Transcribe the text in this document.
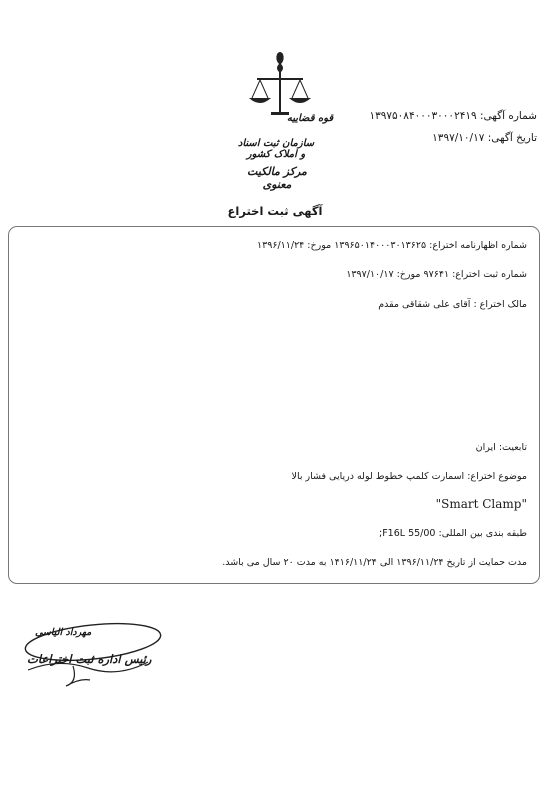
قوه قضاییه
سازمان ثبت اسناد و املاک کشور
مرکز مالکیت معنوی
شماره آگهی: ۱۳۹۷۵۰۸۴۰۰۰۳۰۰۰۲۴۱۹
تاریخ آگهی: ۱۳۹۷/۱۰/۱۷
آگهی ثبت اختراع
شماره اظهارنامه اختراع: ۱۳۹۶۵۰۱۴۰۰۰۳۰۱۳۶۲۵ مورخ: ۱۳۹۶/۱۱/۲۴
شماره ثبت اختراع: ۹۷۶۴۱ مورخ: ۱۳۹۷/۱۰/۱۷
مالک اختراع : آقای علی شقاقی مقدم
تابعیت: ایران
موضوع اختراع: اسمارت کلمپ خطوط لوله دریایی فشار بالا
"Smart Clamp"
طبقه بندی بین المللی: F16L 55/00;
مدت حمایت از تاریخ ۱۳۹۶/۱۱/۲۴ الی ۱۴۱۶/۱۱/۲۴ به مدت ۲۰ سال می باشد.
مهرداد الیاسی
رئیس اداره ثبت اختراعات
